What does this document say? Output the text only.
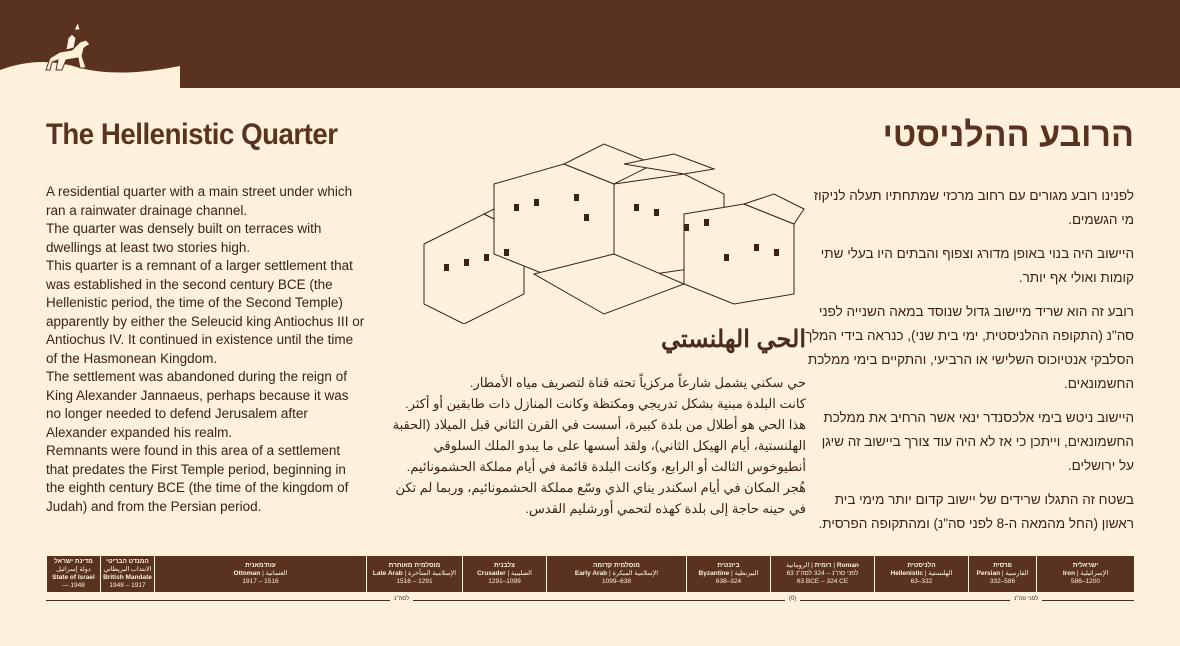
The Hellenistic Quarter

A residential quarter with a main street under which ran a rainwater drainage channel.

The quarter was densely built on terraces with dwellings at least two stories high.

This quarter is a remnant of a larger settlement that was established in the second century BCE (the Hellenistic period, the time of the Second Temple) apparently by either the Seleucid king Antiochus III or Antiochus IV. It continued in existence until the time of the Hasmonean Kingdom.

The settlement was abandoned during the reign of King Alexander Jannaeus, perhaps because it was no longer needed to defend Jerusalem after Alexander expanded his realm.

Remnants were found in this area of a settlement that predates the First Temple period, beginning in the eighth century BCE (the time of the kingdom of Judah) and from the Persian period.

הרובע ההלניסטי

לפנינו רובע מגורים עם רחוב מרכזי שמתחתיו תעלה לניקוז מי הגשמים.

היישוב היה בנוי באופן מדורג וצפוף והבתים היו בעלי שתי קומות ואולי אף יותר.

רובע זה הוא שריד מיישוב גדול שנוסד במאה השנייה לפני סה"נ (התקופה ההלניסטית, ימי בית שני), כנראה בידי המלך הסלבקי אנטיוכוס השלישי או הרביעי, והתקיים בימי ממלכת החשמונאים.

היישוב ניטש בימי אלכסנדר ינאי אשר הרחיב את ממלכת החשמונאים, וייתכן כי אז לא היה עוד צורך ביישוב זה שיגן על ירושלים.

בשטח זה התגלו שרידים של יישוב קדום יותר מימי בית ראשון (החל מהמאה ה-8 לפני סה"נ) ומהתקופה הפרסית.

الحي الهلنستي

حي سكني يشمل شارعاً مركزياً تحته قناة لتصريف مياه الأمطار.

كانت البلدة مبنية بشكل تدريجي ومكتظة وكانت المنازل ذات طابقين أو أكثر.

هذا الحي هو أطلال من بلدة كبيرة، أسست في القرن الثاني قبل الميلاد (الحقبة الهلنستية، أيام الهيكل الثاني)، ولقد أسسها على ما يبدو الملك السلوقي أنطيوخوس الثالث أو الرابع، وكانت البلدة قائمة في أيام مملكة الحشمونائيم.

هُجر المكان في أيام اسكندر يناي الذي وسّع مملكة الحشمونائيم، وربما لم تكن في حينه حاجة إلى بلدة كهذه لتحمي أورشليم القدس.

מדינת ישראל
دولة إسرائيل
State of Israel
— 1948
המנדט הבריטי
الانتداب البريطاني
British Mandate
1948 – 1917
עות'מאנית
Ottoman | العثمانية
1917 – 1516
מוסלמית מאוחרת
Late Arab | الإسلامية المتأخرة
1516 – 1291
צלבנית
Crusader | الصليبية
1291–1099
מוסלמית קדומה
Early Arab | الإسلامية المبكرة
1099–638
ביזנטית
Byzantine | البيزنطية
638–324
רומית | الرومانية	| Roman
63 לפני סה"נ – 324 לסה"נ
63 BCE – 324 CE
הלניסטית
Hellenistic | الهلنستية
63–332
פרסית
Persian | الفارسية
332–586
ישראלית
Iron | الإسرائيلية
586–1200
לסה"נ	(0)	לפני סה"נ
